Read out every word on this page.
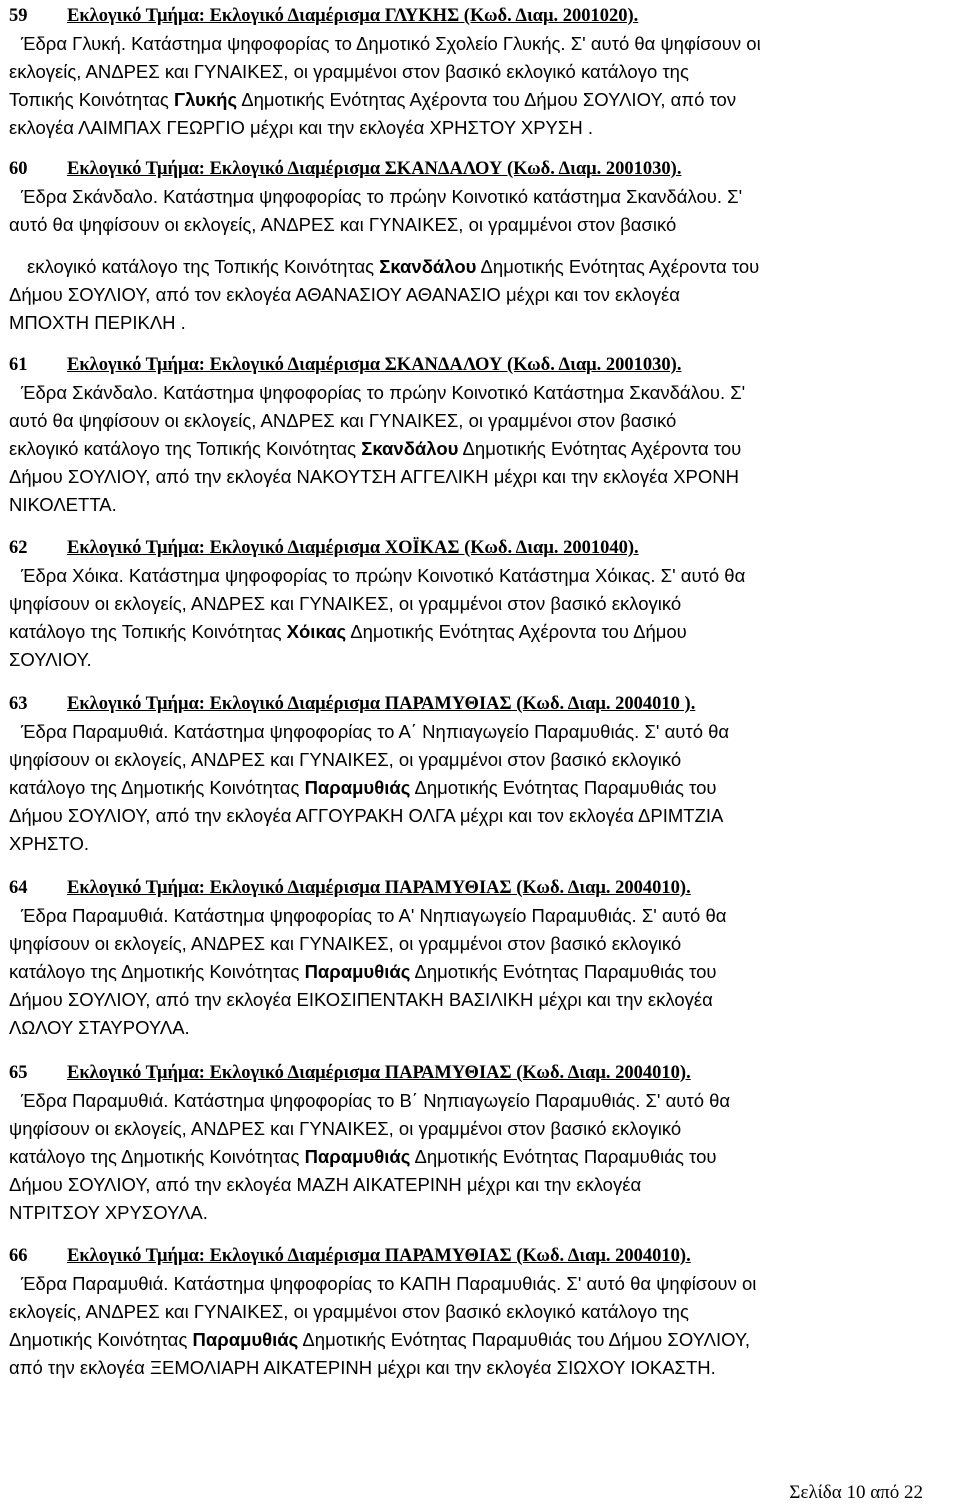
59 Εκλογικό Τμήμα: Εκλογικό Διαμέρισμα ΓΛΥΚΗΣ (Κωδ. Διαμ. 2001020).
Έδρα Γλυκή. Κατάστημα ψηφοφορίας το Δημοτικό Σχολείο Γλυκής. Σ' αυτό θα ψηφίσουν οι
εκλογείς, ΑΝΔΡΕΣ και ΓΥΝΑΙΚΕΣ, οι γραμμένοι στον βασικό εκλογικό κατάλογο της
Τοπικής Κοινότητας Γλυκής Δημοτικής Ενότητας Αχέροντα του Δήμου ΣΟΥΛΙΟΥ, από τον
εκλογέα ΛΑΙΜΠΑΧ ΓΕΩΡΓΙΟ μέχρι και την εκλογέα ΧΡΗΣΤΟΥ ΧΡΥΣΗ .
60 Εκλογικό Τμήμα: Εκλογικό Διαμέρισμα ΣΚΑΝΔΑΛΟΥ (Κωδ. Διαμ. 2001030).
Έδρα Σκάνδαλο. Κατάστημα ψηφοφορίας το πρώην Κοινοτικό κατάστημα Σκανδάλου. Σ'
αυτό θα ψηφίσουν οι εκλογείς, ΑΝΔΡΕΣ και ΓΥΝΑΙΚΕΣ, οι γραμμένοι στον βασικό
εκλογικό κατάλογο της Τοπικής Κοινότητας Σκανδάλου Δημοτικής Ενότητας Αχέροντα του
Δήμου ΣΟΥΛΙΟΥ, από τον εκλογέα ΑΘΑΝΑΣΙΟΥ ΑΘΑΝΑΣΙΟ μέχρι και τον εκλογέα
ΜΠΟΧΤΗ ΠΕΡΙΚΛΗ .
61 Εκλογικό Τμήμα: Εκλογικό Διαμέρισμα ΣΚΑΝΔΑΛΟΥ (Κωδ. Διαμ. 2001030).
Έδρα Σκάνδαλο. Κατάστημα ψηφοφορίας το πρώην Κοινοτικό Κατάστημα Σκανδάλου. Σ'
αυτό θα ψηφίσουν οι εκλογείς, ΑΝΔΡΕΣ και ΓΥΝΑΙΚΕΣ, οι γραμμένοι στον βασικό
εκλογικό κατάλογο της Τοπικής Κοινότητας Σκανδάλου Δημοτικής Ενότητας Αχέροντα του
Δήμου ΣΟΥΛΙΟΥ, από την εκλογέα ΝΑΚΟΥΤΣΗ ΑΓΓΕΛΙΚΗ μέχρι και την εκλογέα ΧΡΟΝΗ
ΝΙΚΟΛΕΤΤΑ.
62 Εκλογικό Τμήμα: Εκλογικό Διαμέρισμα ΧΟΪΚΑΣ (Κωδ. Διαμ. 2001040).
Έδρα Χόικα. Κατάστημα ψηφοφορίας το πρώην Κοινοτικό Κατάστημα Χόικας. Σ' αυτό θα
ψηφίσουν οι εκλογείς, ΑΝΔΡΕΣ και ΓΥΝΑΙΚΕΣ, οι γραμμένοι στον βασικό εκλογικό
κατάλογο της Τοπικής Κοινότητας Χόικας Δημοτικής Ενότητας Αχέροντα του Δήμου
ΣΟΥΛΙΟΥ.
63 Εκλογικό Τμήμα: Εκλογικό Διαμέρισμα ΠΑΡΑΜΥΘΙΑΣ (Κωδ. Διαμ. 2004010 ).
Έδρα Παραμυθιά. Κατάστημα ψηφοφορίας το Α΄ Νηπιαγωγείο Παραμυθιάς. Σ' αυτό θα
ψηφίσουν οι εκλογείς, ΑΝΔΡΕΣ και ΓΥΝΑΙΚΕΣ, οι γραμμένοι στον βασικό εκλογικό
κατάλογο της Δημοτικής Κοινότητας Παραμυθιάς Δημοτικής Ενότητας Παραμυθιάς του
Δήμου ΣΟΥΛΙΟΥ, από την εκλογέα ΑΓΓΟΥΡΑΚΗ ΟΛΓΑ μέχρι και τον εκλογέα ΔΡΙΜΤΖΙΑ
ΧΡΗΣΤΟ.
64 Εκλογικό Τμήμα: Εκλογικό Διαμέρισμα ΠΑΡΑΜΥΘΙΑΣ (Κωδ. Διαμ. 2004010).
Έδρα Παραμυθιά. Κατάστημα ψηφοφορίας το Α' Νηπιαγωγείο Παραμυθιάς. Σ' αυτό θα
ψηφίσουν οι εκλογείς, ΑΝΔΡΕΣ και ΓΥΝΑΙΚΕΣ, οι γραμμένοι στον βασικό εκλογικό
κατάλογο της Δημοτικής Κοινότητας Παραμυθιάς Δημοτικής Ενότητας Παραμυθιάς του
Δήμου ΣΟΥΛΙΟΥ, από την εκλογέα ΕΙΚΟΣΙΠΕΝΤΑΚΗ ΒΑΣΙΛΙΚΗ μέχρι και την εκλογέα
ΛΩΛΟΥ ΣΤΑΥΡΟΥΛΑ.
65 Εκλογικό Τμήμα: Εκλογικό Διαμέρισμα ΠΑΡΑΜΥΘΙΑΣ (Κωδ. Διαμ. 2004010).
Έδρα Παραμυθιά. Κατάστημα ψηφοφορίας το Β΄ Νηπιαγωγείο Παραμυθιάς. Σ' αυτό θα
ψηφίσουν οι εκλογείς, ΑΝΔΡΕΣ και ΓΥΝΑΙΚΕΣ, οι γραμμένοι στον βασικό εκλογικό
κατάλογο της Δημοτικής Κοινότητας Παραμυθιάς Δημοτικής Ενότητας Παραμυθιάς του
Δήμου ΣΟΥΛΙΟΥ, από την εκλογέα ΜΑΖΗ ΑΙΚΑΤΕΡΙΝΗ μέχρι και την εκλογέα
ΝΤΡΙΤΣΟΥ ΧΡΥΣΟΥΛΑ.
66 Εκλογικό Τμήμα: Εκλογικό Διαμέρισμα ΠΑΡΑΜΥΘΙΑΣ (Κωδ. Διαμ. 2004010).
Έδρα Παραμυθιά. Κατάστημα ψηφοφορίας το ΚΑΠΗ Παραμυθιάς. Σ' αυτό θα ψηφίσουν οι
εκλογείς, ΑΝΔΡΕΣ και ΓΥΝΑΙΚΕΣ, οι γραμμένοι στον βασικό εκλογικό κατάλογο της
Δημοτικής Κοινότητας Παραμυθιάς Δημοτικής Ενότητας Παραμυθιάς του Δήμου ΣΟΥΛΙΟΥ,
από την εκλογέα ΞΕΜΟΛΙΑΡΗ ΑΙΚΑΤΕΡΙΝΗ μέχρι και την εκλογέα ΣΙΩΧΟΥ ΙΟΚΑΣΤΗ.
Σελίδα 10 από 22
